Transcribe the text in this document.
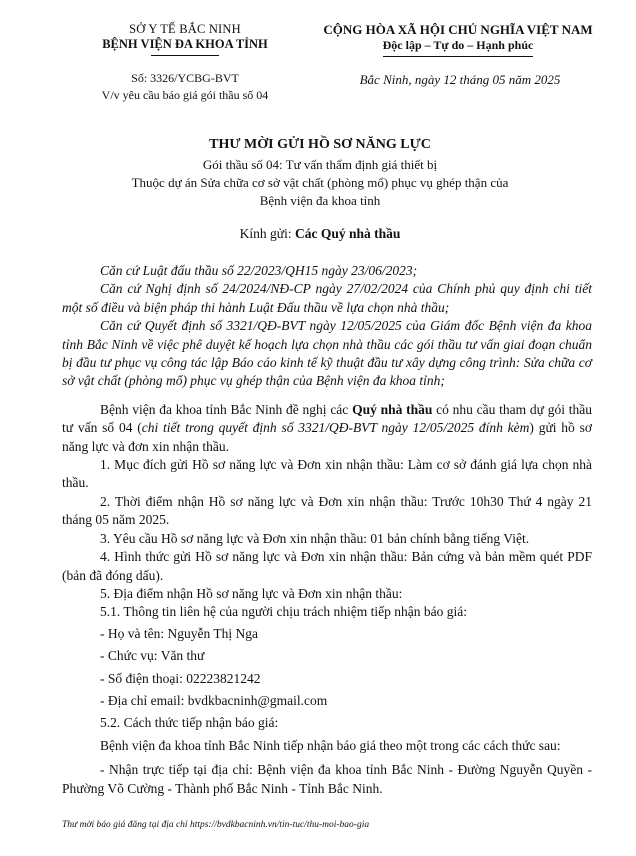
SỞ Y TẾ BẮC NINH
BỆNH VIỆN ĐA KHOA TỈNH
CỘNG HÒA XÃ HỘI CHỦ NGHĨA VIỆT NAM
Độc lập – Tự do – Hạnh phúc
Số: 3326/YCBG-BVT
V/v yêu cầu báo giá gói thầu số 04
Bắc Ninh, ngày 12 tháng 05 năm 2025
THƯ MỜI GỬI HỒ SƠ NĂNG LỰC
Gói thầu số 04: Tư vấn thẩm định giá thiết bị
Thuộc dự án Sửa chữa cơ sở vật chất (phòng mổ) phục vụ ghép thận của
Bệnh viện đa khoa tỉnh
Kính gửi: Các Quý nhà thầu

Căn cứ Luật đấu thầu số 22/2023/QH15 ngày 23/06/2023;

Căn cứ Nghị định số 24/2024/NĐ-CP ngày 27/02/2024 của Chính phủ quy định chi tiết một số điều và biện pháp thi hành Luật Đấu thầu về lựa chọn nhà thầu;

Căn cứ Quyết định số 3321/QĐ-BVT ngày 12/05/2025 của Giám đốc Bệnh viện đa khoa tỉnh Bắc Ninh về việc phê duyệt kế hoạch lựa chọn nhà thầu các gói thầu tư vấn giai đoạn chuẩn bị đầu tư phục vụ công tác lập Báo cáo kinh tế kỹ thuật đầu tư xây dựng công trình: Sửa chữa cơ sở vật chất (phòng mổ) phục vụ ghép thận của Bệnh viện đa khoa tỉnh;

Bệnh viện đa khoa tỉnh Bắc Ninh đề nghị các Quý nhà thầu có nhu cầu tham dự gói thầu tư vấn số 04 (chi tiết trong quyết định số 3321/QĐ-BVT ngày 12/05/2025 đính kèm) gửi hồ sơ năng lực và đơn xin nhận thầu.

1. Mục đích gửi Hồ sơ năng lực và Đơn xin nhận thầu: Làm cơ sở đánh giá lựa chọn nhà thầu.

2. Thời điểm nhận Hồ sơ năng lực và Đơn xin nhận thầu: Trước 10h30 Thứ 4 ngày 21 tháng 05 năm 2025.

3. Yêu cầu Hồ sơ năng lực và Đơn xin nhận thầu: 01 bản chính bằng tiếng Việt.

4. Hình thức gửi Hồ sơ năng lực và Đơn xin nhận thầu: Bản cứng và bản mềm quét PDF (bản đã đóng dấu).

5. Địa điểm nhận Hồ sơ năng lực và Đơn xin nhận thầu:

5.1. Thông tin liên hệ của người chịu trách nhiệm tiếp nhận báo giá:

- Họ và tên: Nguyễn Thị Nga

- Chức vụ: Văn thư

- Số điện thoại: 02223821242

- Địa chỉ email: bvdkbacninh@gmail.com

5.2. Cách thức tiếp nhận báo giá:

Bệnh viện đa khoa tỉnh Bắc Ninh tiếp nhận báo giá theo một trong các cách thức sau:

- Nhận trực tiếp tại địa chỉ: Bệnh viện đa khoa tỉnh Bắc Ninh - Đường Nguyễn Quyền - Phường Võ Cường - Thành phố Bắc Ninh - Tỉnh Bắc Ninh.

Thư mời báo giá đăng tại địa chỉ https://bvdkbacninh.vn/tin-tuc/thu-moi-bao-gia
